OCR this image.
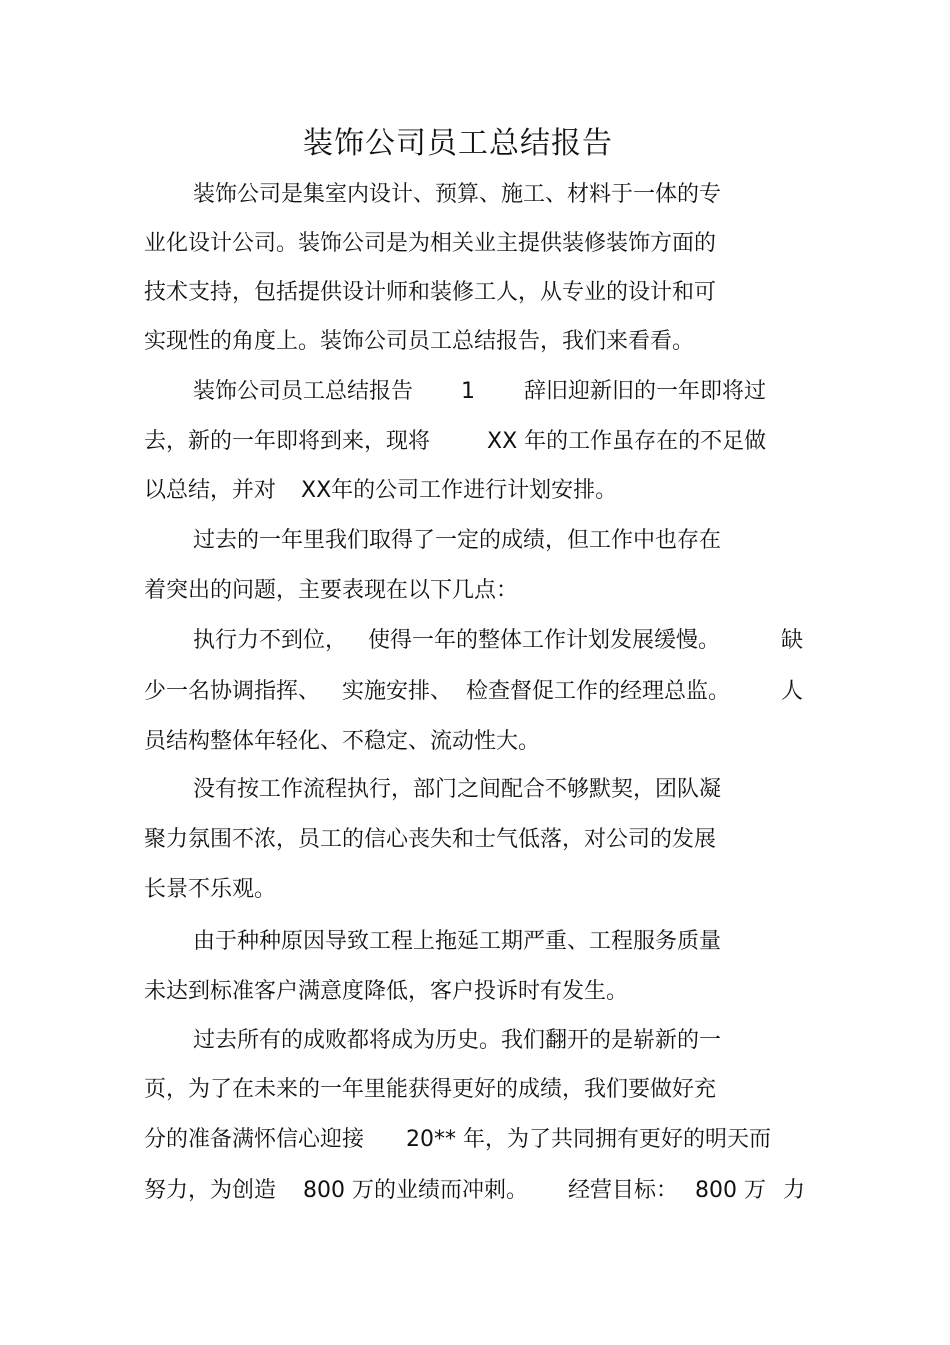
装饰公司员工总结报告

装饰公司是集室内设计、预算、施工、材料于一体的专

业化设计公司。装饰公司是为相关业主提供装修装饰方面的

技术支持，包括提供设计师和装修工人，从专业的设计和可

实现性的角度上。装饰公司员工总结报告，我们来看看。

装饰公司员工总结报告 1 辞旧迎新旧的一年即将过
去，新的一年即将到来，现将	XX 年的工作虽存在的不足做
以总结，并对 XX年的公司工作进行计划安排。

过去的一年里我们取得了一定的成绩，但工作中也存在

着突出的问题，主要表现在以下几点：

执行力不到位， 使得一年的整体工作计划发展缓慢。	缺
少一名协调指挥、 实施安排、 检查督促工作的经理总监。 人

员结构整体年轻化、不稳定、流动性大。

没有按工作流程执行，部门之间配合不够默契，团队凝

聚力氛围不浓，员工的信心丧失和士气低落，对公司的发展

长景不乐观。

由于种种原因导致工程上拖延工期严重、工程服务质量

未达到标准客户满意度降低，客户投诉时有发生。

过去所有的成败都将成为历史。我们翻开的是崭新的一

页，为了在未来的一年里能获得更好的成绩，我们要做好充

分的准备满怀信心迎接 20** 年，为了共同拥有更好的明天而
努力，为创造 800 万的业绩而冲刺。 经营目标： 800 万 力
